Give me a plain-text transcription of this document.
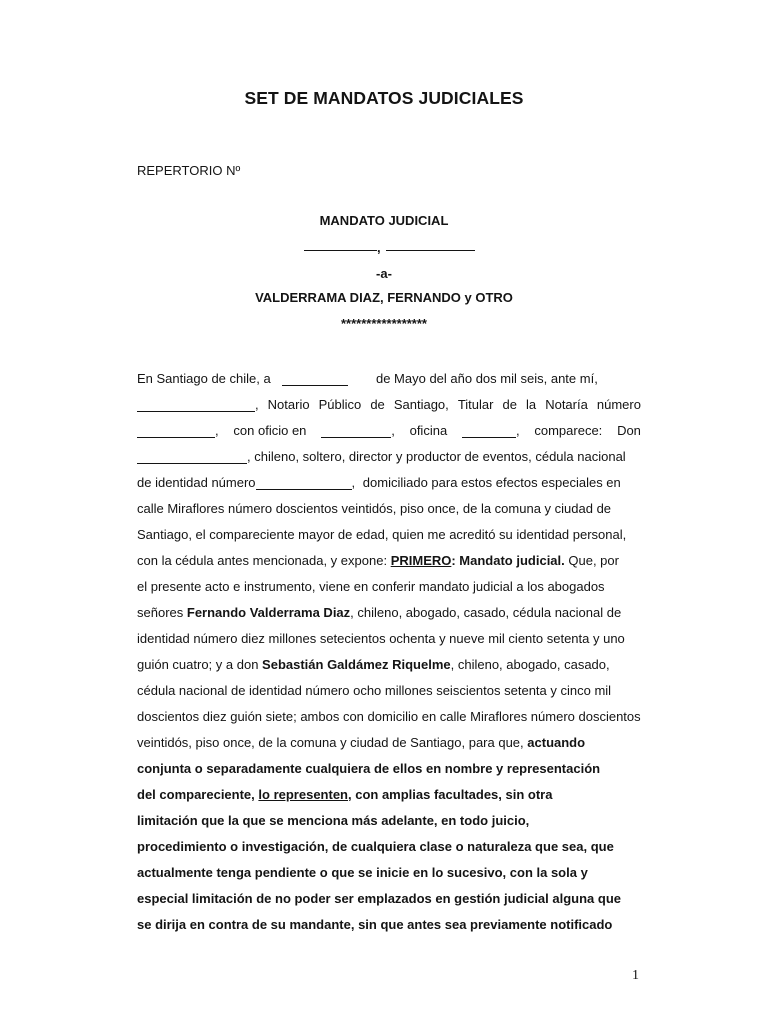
SET DE MANDATOS JUDICIALES
REPERTORIO Nº
MANDATO JUDICIAL
,
-a-
VALDERRAMA DIAZ, FERNANDO y OTRO
*****************
En Santiago de chile, a	de Mayo del año dos mil seis, ante mí,
, Notario Público de Santiago, Titular de la Notaría número
, con oficio en	, oficina	, comparece: Don
, chileno, soltero, director y productor de eventos, cédula nacional
de identidad número	, domiciliado para estos efectos especiales en
calle Miraflores número doscientos veintidós, piso once, de la comuna y ciudad de
Santiago, el compareciente mayor de edad, quien me acreditó su identidad personal,
con la cédula antes mencionada, y expone: PRIMERO: Mandato judicial. Que, por
el presente acto e instrumento, viene en conferir mandato judicial a los abogados
señores Fernando Valderrama Diaz, chileno, abogado, casado, cédula nacional de
identidad número diez millones setecientos ochenta y nueve mil ciento setenta y uno
guión cuatro; y a don Sebastián Galdámez Riquelme, chileno, abogado, casado,
cédula nacional de identidad número ocho millones seiscientos setenta y cinco mil
doscientos diez guión siete; ambos con domicilio en calle Miraflores número doscientos
veintidós, piso once, de la comuna y ciudad de Santiago, para que, actuando
conjunta o separadamente cualquiera de ellos en nombre y representación
del compareciente, lo representen, con amplias facultades, sin otra
limitación que la que se menciona más adelante, en todo juicio,
procedimiento o investigación, de cualquiera clase o naturaleza que sea, que
actualmente tenga pendiente o que se inicie en lo sucesivo, con la sola y
especial limitación de no poder ser emplazados en gestión judicial alguna que
se dirija en contra de su mandante, sin que antes sea previamente notificado
1
